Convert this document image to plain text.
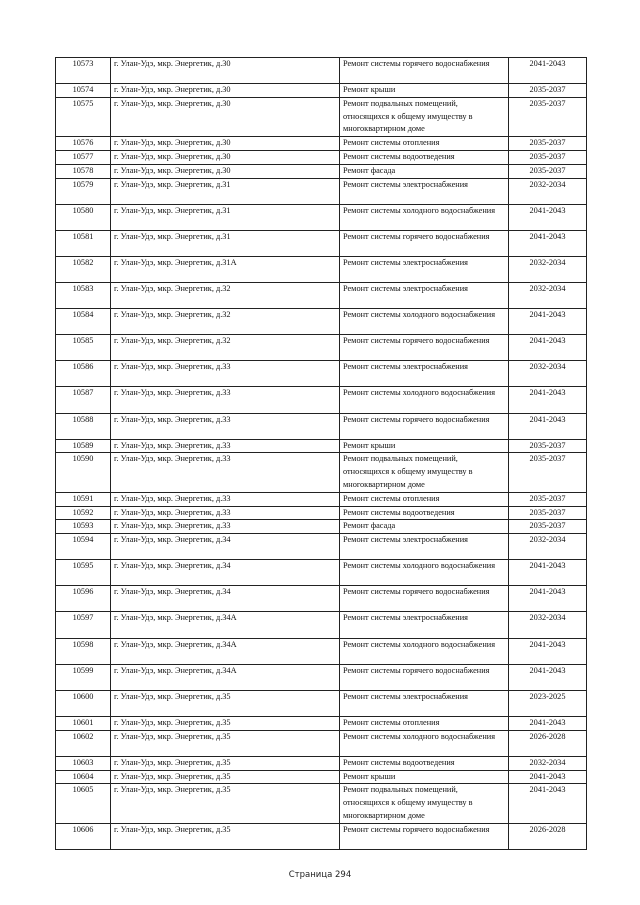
10573	г. Улан-Удэ, мкр. Энергетик, д.30	Ремонт системы горячего водоснабжения	2041-2043
10574	г. Улан-Удэ, мкр. Энергетик, д.30	Ремонт крыши	2035-2037
10575	г. Улан-Удэ, мкр. Энергетик, д.30	Ремонт подвальных помещений, относящихся к общему имуществу в многоквартирном доме	2035-2037
10576	г. Улан-Удэ, мкр. Энергетик, д.30	Ремонт системы отопления	2035-2037
10577	г. Улан-Удэ, мкр. Энергетик, д.30	Ремонт системы водоотведения	2035-2037
10578	г. Улан-Удэ, мкр. Энергетик, д.30	Ремонт фасада	2035-2037
10579	г. Улан-Удэ, мкр. Энергетик, д.31	Ремонт системы электроснабжения	2032-2034
10580	г. Улан-Удэ, мкр. Энергетик, д.31	Ремонт системы холодного водоснабжения	2041-2043
10581	г. Улан-Удэ, мкр. Энергетик, д.31	Ремонт системы горячего водоснабжения	2041-2043
10582	г. Улан-Удэ, мкр. Энергетик, д.31А	Ремонт системы электроснабжения	2032-2034
10583	г. Улан-Удэ, мкр. Энергетик, д.32	Ремонт системы электроснабжения	2032-2034
10584	г. Улан-Удэ, мкр. Энергетик, д.32	Ремонт системы холодного водоснабжения	2041-2043
10585	г. Улан-Удэ, мкр. Энергетик, д.32	Ремонт системы горячего водоснабжения	2041-2043
10586	г. Улан-Удэ, мкр. Энергетик, д.33	Ремонт системы электроснабжения	2032-2034
10587	г. Улан-Удэ, мкр. Энергетик, д.33	Ремонт системы холодного водоснабжения	2041-2043
10588	г. Улан-Удэ, мкр. Энергетик, д.33	Ремонт системы горячего водоснабжения	2041-2043
10589	г. Улан-Удэ, мкр. Энергетик, д.33	Ремонт крыши	2035-2037
10590	г. Улан-Удэ, мкр. Энергетик, д.33	Ремонт подвальных помещений, относящихся к общему имуществу в многоквартирном доме	2035-2037
10591	г. Улан-Удэ, мкр. Энергетик, д.33	Ремонт системы отопления	2035-2037
10592	г. Улан-Удэ, мкр. Энергетик, д.33	Ремонт системы водоотведения	2035-2037
10593	г. Улан-Удэ, мкр. Энергетик, д.33	Ремонт фасада	2035-2037
10594	г. Улан-Удэ, мкр. Энергетик, д.34	Ремонт системы электроснабжения	2032-2034
10595	г. Улан-Удэ, мкр. Энергетик, д.34	Ремонт системы холодного водоснабжения	2041-2043
10596	г. Улан-Удэ, мкр. Энергетик, д.34	Ремонт системы горячего водоснабжения	2041-2043
10597	г. Улан-Удэ, мкр. Энергетик, д.34А	Ремонт системы электроснабжения	2032-2034
10598	г. Улан-Удэ, мкр. Энергетик, д.34А	Ремонт системы холодного водоснабжения	2041-2043
10599	г. Улан-Удэ, мкр. Энергетик, д.34А	Ремонт системы горячего водоснабжения	2041-2043
10600	г. Улан-Удэ, мкр. Энергетик, д.35	Ремонт системы электроснабжения	2023-2025
10601	г. Улан-Удэ, мкр. Энергетик, д.35	Ремонт системы отопления	2041-2043
10602	г. Улан-Удэ, мкр. Энергетик, д.35	Ремонт системы холодного водоснабжения	2026-2028
10603	г. Улан-Удэ, мкр. Энергетик, д.35	Ремонт системы водоотведения	2032-2034
10604	г. Улан-Удэ, мкр. Энергетик, д.35	Ремонт крыши	2041-2043
10605	г. Улан-Удэ, мкр. Энергетик, д.35	Ремонт подвальных помещений, относящихся к общему имуществу в многоквартирном доме	2041-2043
10606	г. Улан-Удэ, мкр. Энергетик, д.35	Ремонт системы горячего водоснабжения	2026-2028
Страница 294
